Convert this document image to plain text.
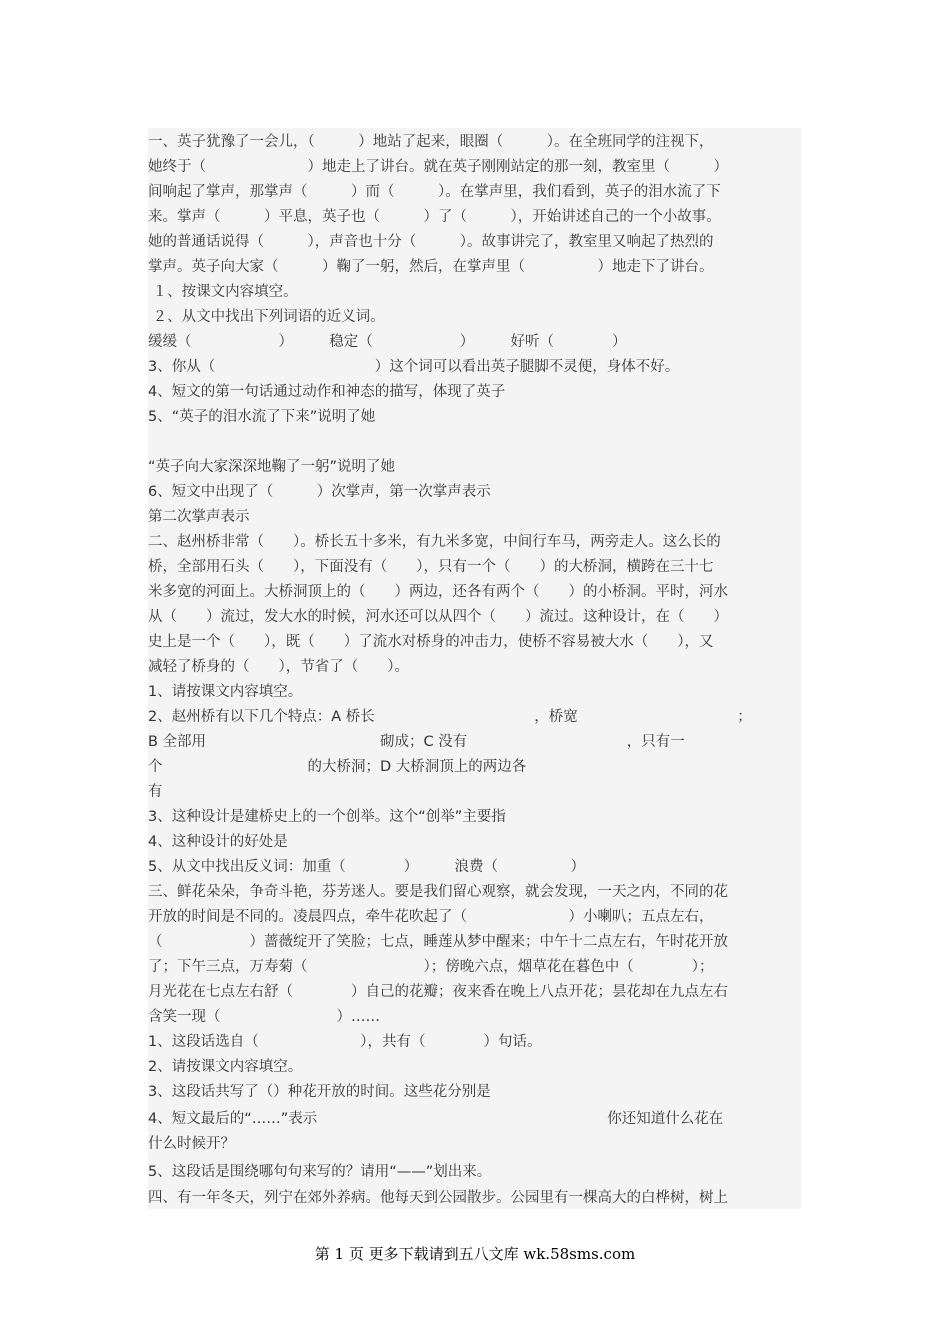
一、英子犹豫了一会儿，（　　　）地站了起来，眼圈（　　　）。在全班同学的注视下，
她终于（　　　　　　　）地走上了讲台。就在英子刚刚站定的那一刻，教室里（　　　）
间响起了掌声，那掌声（　　　）而（　　　）。在掌声里，我们看到，英子的泪水流了下
来。掌声（　　　）平息，英子也（　　　）了（　　　），开始讲述自己的一个小故事。
她的普通话说得（　　　），声音也十分（　　　）。故事讲完了，教室里又响起了热烈的
掌声。英子向大家（　　　）鞠了一躬，然后，在掌声里（　　　　　）地走下了讲台。
１、按课文内容填空。
２、从文中找出下列词语的近义词。
缓缓（　　　　　　）　　　稳定（　　　　　　）　　　好听（　　　　）
3、你从（　　　　　　　　　　　）这个词可以看出英子腿脚不灵便，身体不好。
4、短文的第一句话通过动作和神态的描写，体现了英子
5、“英子的泪水流了下来”说明了她
“英子向大家深深地鞠了一躬”说明了她
6、短文中出现了（　　　）次掌声，第一次掌声表示
第二次掌声表示
二、赵州桥非常（　　）。桥长五十多米，有九米多宽，中间行车马，两旁走人。这么长的
桥，全部用石头（　　），下面没有（　　），只有一个（　　）的大桥洞，横跨在三十七
米多宽的河面上。大桥洞顶上的（　　）两边，还各有两个（　　）的小桥洞。平时，河水
从（　　）流过，发大水的时候，河水还可以从四个（　　）流过。这种设计，在（　　）
史上是一个（　　），既（　　）了流水对桥身的冲击力，使桥不容易被大水（　　），又
减轻了桥身的（　　），节省了（　　）。
1、请按课文内容填空。
2、赵州桥有以下几个特点：A 桥长　　　　　　　　　　　，桥宽　　　　　　　　　　　；
B 全部用　　　　　　　　　　　　砌成；C 没有　　　　　　　　　　　，只有一
个　　　　　　　　　　的大桥洞；D 大桥洞顶上的两边各
有
3、这种设计是建桥史上的一个创举。这个“创举”主要指
4、这种设计的好处是
5、从文中找出反义词：加重（　　　　）　　　浪费（　　　　　）
三、鲜花朵朵，争奇斗艳，芬芳迷人。要是我们留心观察，就会发现，一天之内，不同的花
开放的时间是不同的。凌晨四点，牵牛花吹起了（　　　　　　　）小喇叭；五点左右，
（　　　　　　）蔷薇绽开了笑脸；七点，睡莲从梦中醒来；中午十二点左右，午时花开放
了；下午三点，万寿菊（　　　　　　　　）；傍晚六点，烟草花在暮色中（　　　　）；
月光花在七点左右舒（　　　　）自己的花瓣；夜来香在晚上八点开花；昙花却在九点左右
含笑一现（　　　　　　　　）……
1、这段话选自（　　　　　　　），共有（　　　　）句话。
2、请按课文内容填空。
3、这段话共写了（）种花开放的时间。这些花分别是
4、短文最后的“……”表示　　　　　　　　　　　　　　　　　　　　你还知道什么花在
什么时候开？
5、这段话是围绕哪句句来写的？请用“——”划出来。
四、有一年冬天，列宁在郊外养病。他每天到公园散步。公园里有一棵高大的白桦树，树上
第 1 页 更多下载请到五八文库 wk.58sms.com
